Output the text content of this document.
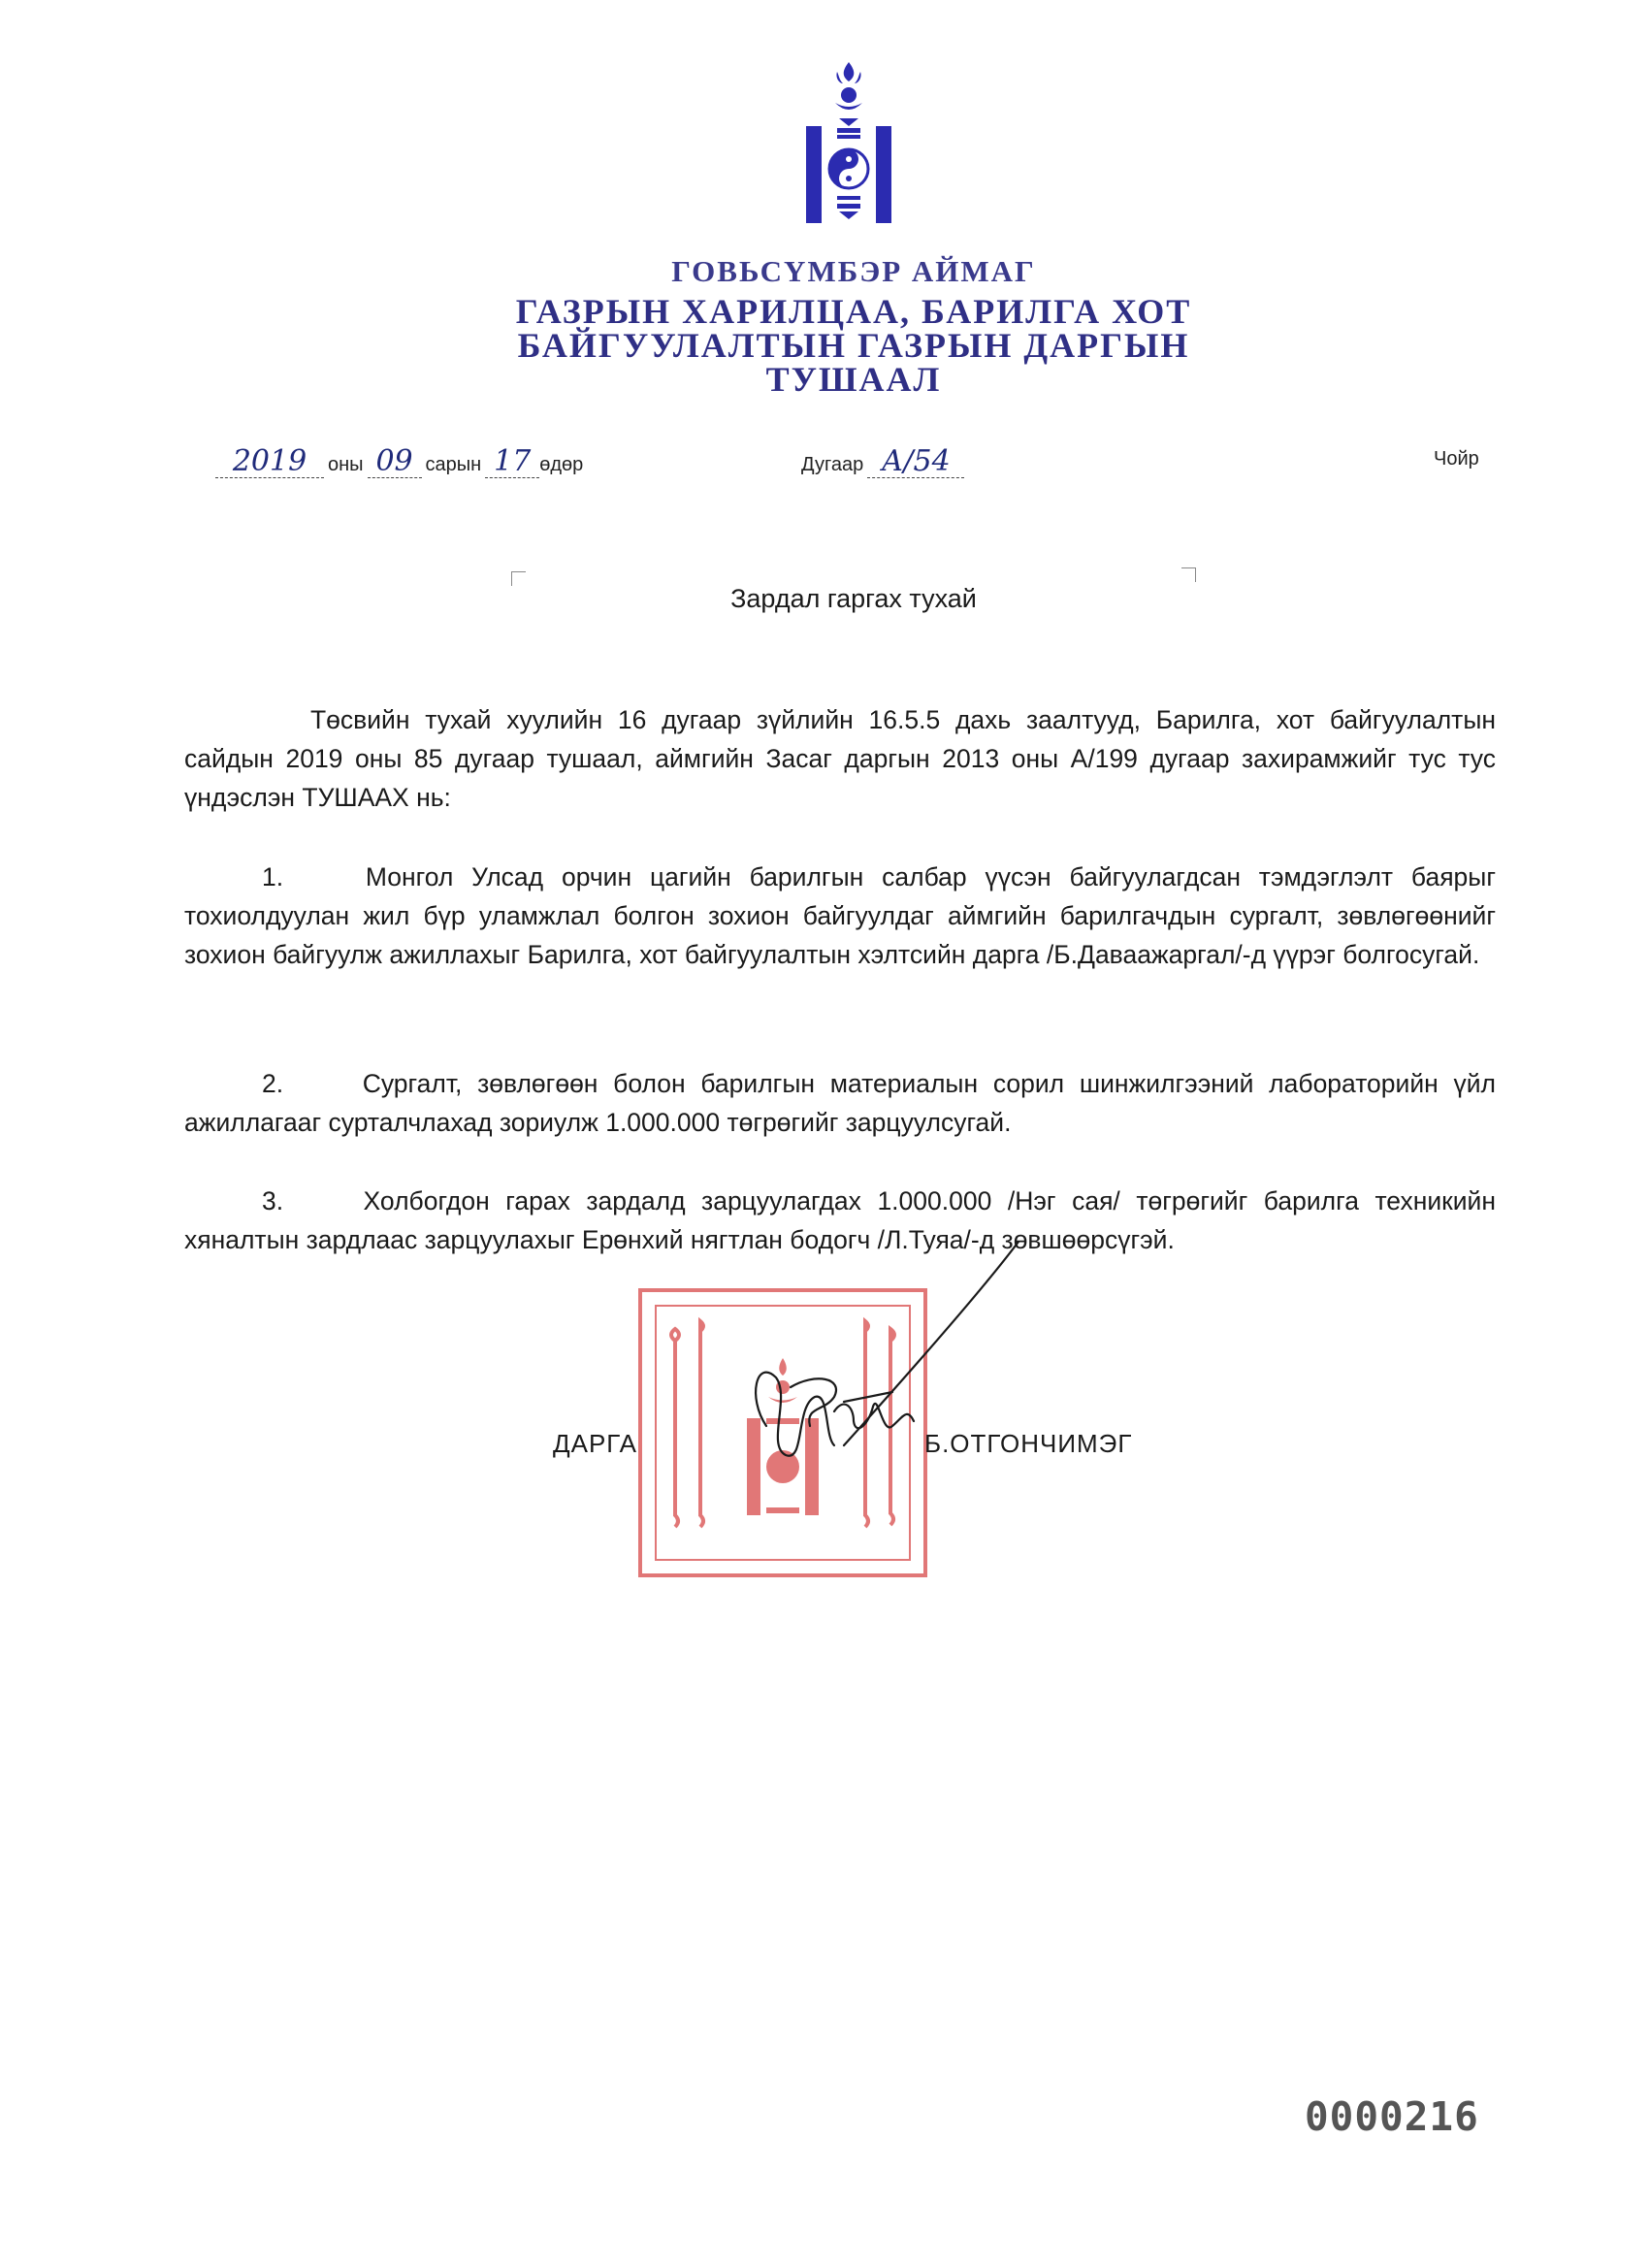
ГОВЬСҮМБЭР АЙМАГ
ГАЗРЫН ХАРИЛЦАА, БАРИЛГА ХОТ
БАЙГУУЛАЛТЫН ГАЗРЫН ДАРГЫН
ТУШААЛ
2019 оны 09 сарын 17 өдөр	Дугаар А/54	Чойр
Зардал гаргах тухай
Төсвийн тухай хуулийн 16 дугаар зүйлийн 16.5.5 дахь заалтууд, Барилга, хот байгуулалтын сайдын 2019 оны 85 дугаар тушаал, аймгийн Засаг даргын 2013 оны А/199 дугаар захирамжийг тус тус үндэслэн ТУШААХ нь:
1.	Монгол Улсад орчин цагийн барилгын салбар үүсэн байгуулагдсан тэмдэглэлт баярыг тохиолдуулан жил бүр уламжлал болгон зохион байгуулдаг аймгийн барилгачдын сургалт, зөвлөгөөнийг зохион байгуулж ажиллахыг Барилга, хот байгуулалтын хэлтсийн дарга /Б.Даваажаргал/-д үүрэг болгосугай.
2.	Сургалт, зөвлөгөөн болон барилгын материалын сорил шинжилгээний лабораторийн үйл ажиллагааг сурталчлахад зориулж 1.000.000 төгрөгийг зарцуулсугай.
3.	Холбогдон гарах зардалд зарцуулагдах 1.000.000 /Нэг сая/ төгрөгийг барилга техникийн хяналтын зардлаас зарцуулахыг Ерөнхий нягтлан бодогч /Л.Туяа/-д зөвшөөрсүгэй.
ДАРГА	Б.ОТГОНЧИМЭГ
0000216
